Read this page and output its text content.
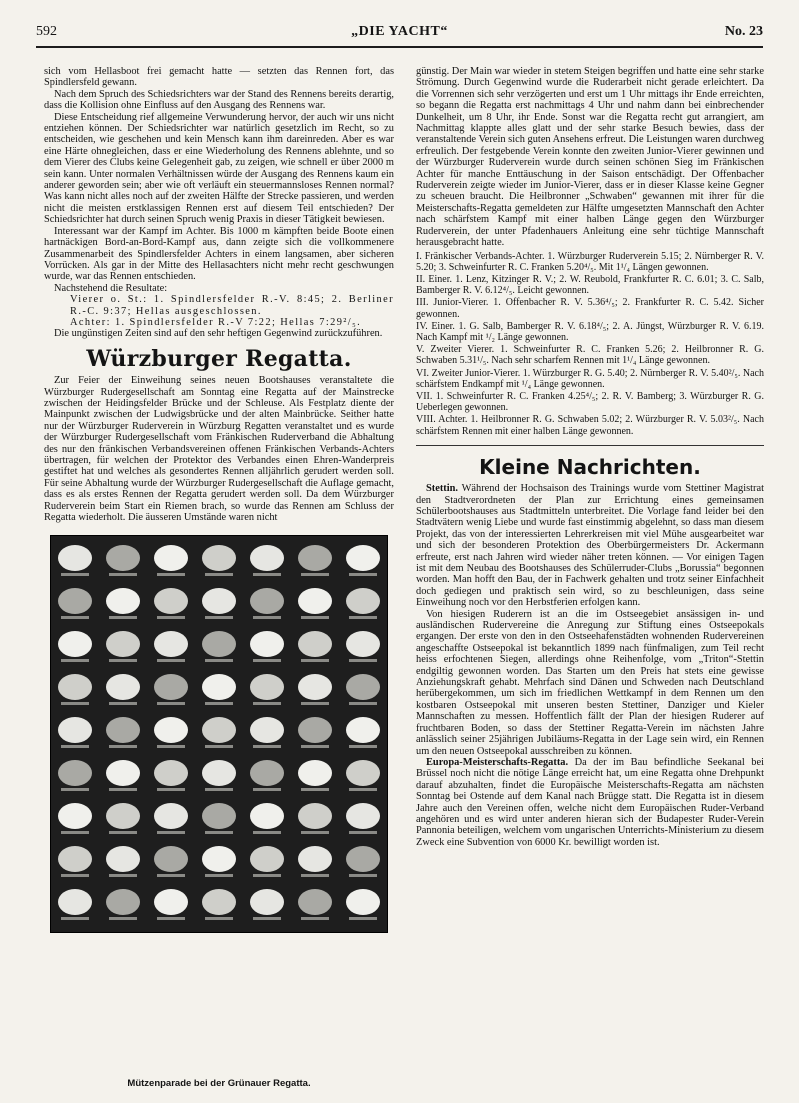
592	„DIE YACHT“	No. 23

sich vom Hellasboot frei gemacht hatte — setzten das Rennen fort, das Spindlersfeld gewann.

Nach dem Spruch des Schiedsrichters war der Stand des Rennens bereits derartig, dass die Kollision ohne Einfluss auf den Ausgang des Rennens war.

Diese Entscheidung rief allgemeine Verwunderung hervor, der auch wir uns nicht entziehen können. Der Schiedsrichter war natürlich gesetzlich im Recht, so zu entscheiden, wie geschehen und kein Mensch kann ihm dareinreden. Aber es war eine Härte ohnegleichen, dass er eine Wiederholung des Rennens ablehnte, und so dem Vierer des Clubs keine Gelegenheit gab, zu zeigen, wie schnell er über 2000 m sein kann. Unter normalen Verhältnissen würde der Ausgang des Rennens kaum ein anderer geworden sein; aber wie oft verläuft ein steuermannsloses Rennen normal? Was kann nicht alles noch auf der zweiten Hälfte der Strecke passieren, und werden nicht die meisten erstklassigen Rennen erst auf diesem Teil entschieden? Der Schiedsrichter hat durch seinen Spruch wenig Praxis in dieser Tätigkeit bewiesen.

Interessant war der Kampf im Achter. Bis 1000 m kämpften beide Boote einen hartnäckigen Bord-an-Bord-Kampf aus, dann zeigte sich die vollkommenere Zusammenarbeit des Spindlersfelder Achters in einem langsamen, aber sicheren Vorrücken. Als gar in der Mitte des Hellasachters nicht mehr recht geschwungen wurde, war das Rennen entschieden.

Nachstehend die Resultate:

Vierer o. St.: 1. Spindlersfelder R.-V. 8:45; 2. Berliner R.-C. 9:37; Hellas ausgeschlossen.

Achter: 1. Spindlersfelder R.-V 7:22; Hellas 7:29²/₅.

Die ungünstigen Zeiten sind auf den sehr heftigen Gegenwind zurückzuführen.

Würzburger Regatta.

Zur Feier der Einweihung seines neuen Bootshauses veranstaltete die Würzburger Rudergesellschaft am Sonntag eine Regatta auf der Mainstrecke zwischen der Heidingsfelder Brücke und der Schleuse. Als Festplatz diente der Mainpunkt zwischen der Ludwigsbrücke und der alten Mainbrücke. Seither hatte nur der Würzburger Ruderverein in Würzburg Regatten veranstaltet und es wurde der Würzburger Rudergesellschaft vom Fränkischen Ruderverband die Abhaltung des nur den fränkischen Verbandsvereinen offenen Fränkischen Verbands-Achters übertragen, für welchen der Protektor des Verbandes einen Ehren-Wanderpreis gestiftet hat und welches als gesondertes Rennen alljährlich gerudert werden soll. Für seine Abhaltung wurde der Würzburger Rudergesellschaft die Auflage gemacht, dass es als erstes Rennen der Regatta gerudert werden soll. Da dem Würzburger Ruderverein beim Start ein Riemen brach, so wurde das Rennen am Schluss der Regatta wiederholt. Die äusseren Umstände waren nicht

Mützenparade bei der Grünauer Regatta.

günstig. Der Main war wieder in stetem Steigen begriffen und hatte eine sehr starke Strömung. Durch Gegenwind wurde die Ruderarbeit nicht gerade erleichtert. Da die Vorrennen sich sehr verzögerten und erst um 1 Uhr mittags ihr Ende erreichten, so begann die Regatta erst nachmittags 4 Uhr und nahm dann bei einbrechender Dunkelheit, um 8 Uhr, ihr Ende. Sonst war die Regatta recht gut arrangiert, am Nachmittag klappte alles glatt und der sehr starke Besuch bewies, dass der veranstaltende Verein sich guten Ansehens erfreut. Die Leistungen waren durchweg erfreulich. Der festgebende Verein konnte den zweiten Junior-Vierer gewinnen und der Würzburger Ruderverein wurde durch seinen schönen Sieg im Fränkischen Achter für manche Enttäuschung in der Saison entschädigt. Der Offenbacher Ruderverein zeigte wieder im Junior-Vierer, dass er in dieser Klasse keine Gegner zu scheuen braucht. Die Heilbronner „Schwaben“ gewannen mit ihrer für die Meisterschafts-Regatta gemeldeten zur Hälfte umgesetzten Mannschaft den Achter nach schärfstem Kampf mit einer halben Länge gegen den Würzburger Ruderverein, der unter Pfadenhauers Anleitung eine sehr tüchtige Mannschaft herausgebracht hatte.

I. Fränkischer Verbands-Achter. 1. Würzburger Ruderverein 5.15; 2. Nürnberger R. V. 5.20; 3. Schweinfurter R. C. Franken 5.20⁴/₅. Mit 1¹/₄ Längen gewonnen.

II. Einer. 1. Lenz, Kitzinger R. V.; 2. W. Reubold, Frankfurter R. C. 6.01; 3. C. Salb, Bamberger R. V. 6.12⁴/₅. Leicht gewonnen.

III. Junior-Vierer. 1. Offenbacher R. V. 5.36⁴/₅; 2. Frankfurter R. C. 5.42. Sicher gewonnen.

IV. Einer. 1. G. Salb, Bamberger R. V. 6.18⁴/₅; 2. A. Jüngst, Würzburger R. V. 6.19. Nach Kampf mit ¹/₂ Länge gewonnen.

V. Zweiter Vierer. 1. Schweinfurter R. C. Franken 5.26; 2. Heilbronner R. G. Schwaben 5.31¹/₅. Nach sehr scharfem Rennen mit 1¹/₄ Länge gewonnen.

VI. Zweiter Junior-Vierer. 1. Würzburger R. G. 5.40; 2. Nürnberger R. V. 5.40²/₅. Nach schärfstem Endkampf mit ¹/₄ Länge gewonnen.

VII. 1. Schweinfurter R. C. Franken 4.25⁴/₅; 2. R. V. Bamberg; 3. Würzburger R. G. Ueberlegen gewonnen.

VIII. Achter. 1. Heilbronner R. G. Schwaben 5.02; 2. Würzburger R. V. 5.03²/₅. Nach schärfstem Rennen mit einer halben Länge gewonnen.

Kleine Nachrichten.

Stettin. Während der Hochsaison des Trainings wurde vom Stettiner Magistrat den Stadtverordneten der Plan zur Errichtung eines gemeinsamen Schülerbootshauses aus Stadtmitteln unterbreitet. Die Vorlage fand leider bei den Stadtvätern wenig Liebe und wurde fast einstimmig abgelehnt, so dass man diesem Projekt, das von der interessierten Lehrerkreisen mit viel Mühe ausgearbeitet war und sich der besonderen Protektion des Oberbürgermeisters Dr. Ackermann erfreute, erst nach Jahren wird wieder näher treten können. — Vor einigen Tagen ist mit dem Neubau des Bootshauses des Schülerruder-Clubs „Borussia“ begonnen worden. Man hofft den Bau, der in Fachwerk gehalten und trotz seiner Einfachheit doch gediegen und praktisch sein wird, so zu beschleunigen, dass seine Einweihung noch vor den Herbstferien erfolgen kann.

Von hiesigen Ruderern ist an die im Ostseegebiet ansässigen in- und ausländischen Rudervereine die Anregung zur Stiftung eines Ostseepokals ergangen. Der erste von den in den Ostseehafenstädten wohnenden Rudervereinen angeschaffte Ostseepokal ist bekanntlich 1899 nach fünfmaligen, zum Teil recht heiss erfochtenen Siegen, allerdings ohne Reihenfolge, vom „Triton“-Stettin endgiltig gewonnen worden. Das Starten um den Preis hat stets eine gewisse Anziehungskraft gehabt. Mehrfach sind Dänen und Schweden nach Deutschland herübergekommen, um sich im friedlichen Wettkampf in dem Rennen um den kostbaren Ostseepokal mit unseren besten Stettiner, Danziger und Kieler Mannschaften zu messen. Hoffentlich fällt der Plan der hiesigen Ruderer auf fruchtbaren Boden, so dass der Stettiner Regatta-Verein im nächsten Jahre anlässlich seiner 25jährigen Jubiläums-Regatta in der Lage sein wird, ein Rennen um den neuen Ostseepokal ausschreiben zu können.

Europa-Meisterschafts-Regatta. Da der im Bau befindliche Seekanal bei Brüssel noch nicht die nötige Länge erreicht hat, um eine Regatta ohne Drehpunkt darauf abzuhalten, findet die Europäische Meisterschafts-Regatta am nächsten Sonntag bei Ostende auf dem Kanal nach Brügge statt. Die Regatta ist in diesem Jahre auch den Vereinen offen, welche nicht dem Europäischen Ruder-Verband angehören und es wird unter anderen hieran sich der Budapester Ruder-Verein Pannonia beteiligen, welchem vom ungarischen Unterrichts-Ministerium zu diesem Zweck eine Subvention von 6000 Kr. bewilligt worden ist.
